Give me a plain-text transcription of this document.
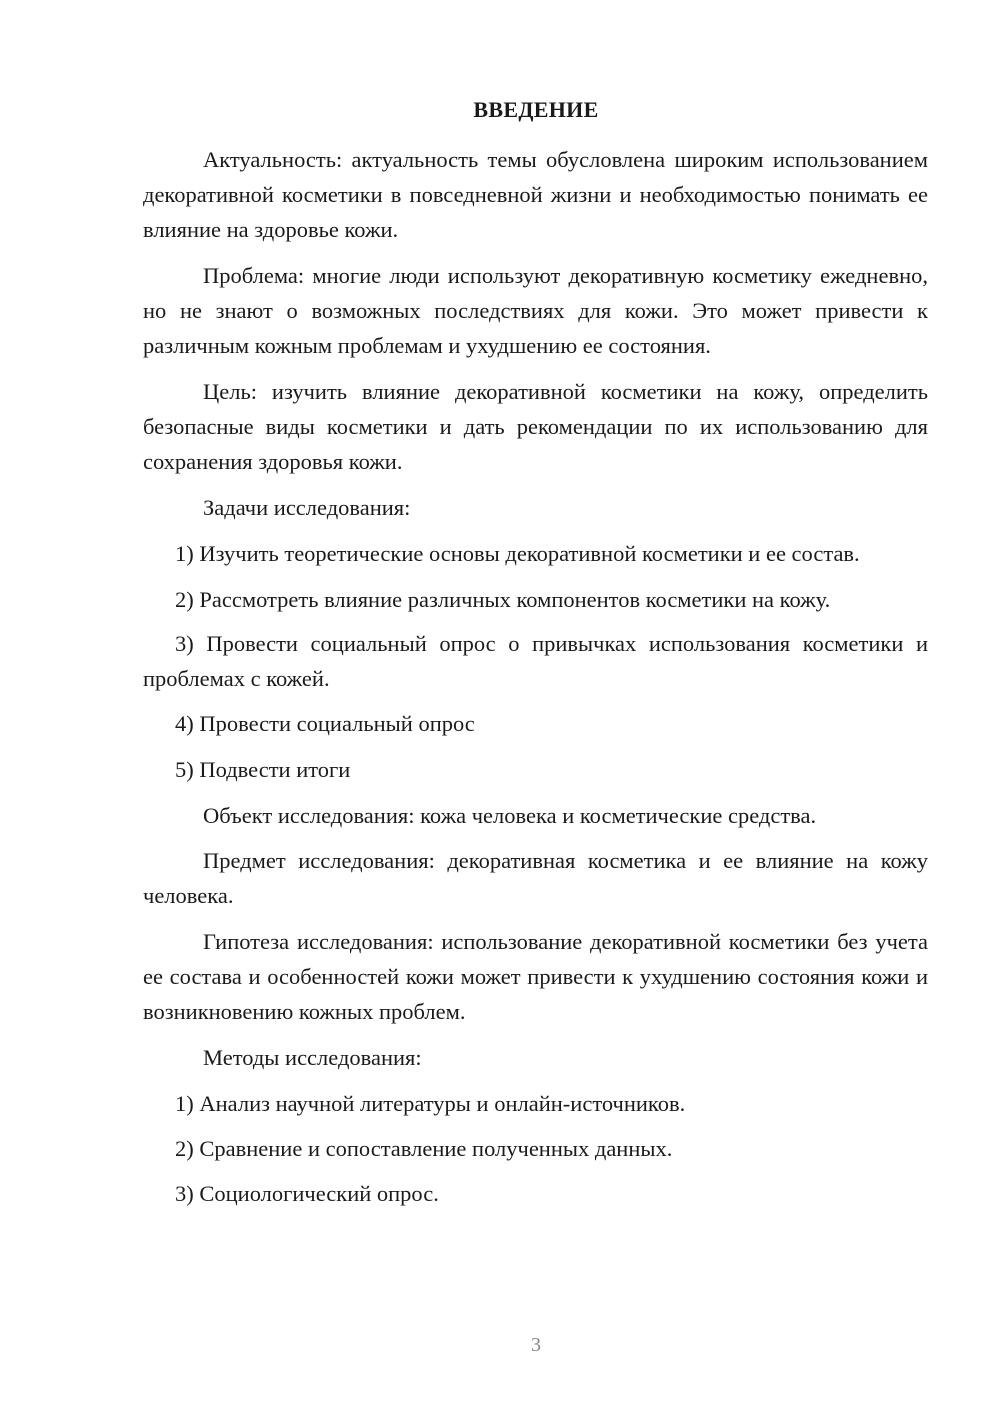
ВВЕДЕНИЕ

Актуальность: актуальность темы обусловлена широким использованием декоративной косметики в повседневной жизни и необходимостью понимать ее влияние на здоровье кожи.

Проблема: многие люди используют декоративную косметику ежедневно, но не знают о возможных последствиях для кожи. Это может привести к различным кожным проблемам и ухудшению ее состояния.

Цель: изучить влияние декоративной косметики на кожу, определить безопасные виды косметики и дать рекомендации по их использованию для сохранения здоровья кожи.

Задачи исследования:

1) Изучить теоретические основы декоративной косметики и ее состав.

2) Рассмотреть влияние различных компонентов косметики на кожу.

3) Провести социальный опрос о привычках использования косметики и проблемах с кожей.

4) Провести социальный опрос

5) Подвести итоги

Объект исследования: кожа человека и косметические средства.

Предмет исследования: декоративная косметика и ее влияние на кожу человека.

Гипотеза исследования: использование декоративной косметики без учета ее состава и особенностей кожи может привести к ухудшению состояния кожи и возникновению кожных проблем.

Методы исследования:

1) Анализ научной литературы и онлайн-источников.

2) Сравнение и сопоставление полученных данных.

3) Социологический опрос.

3
